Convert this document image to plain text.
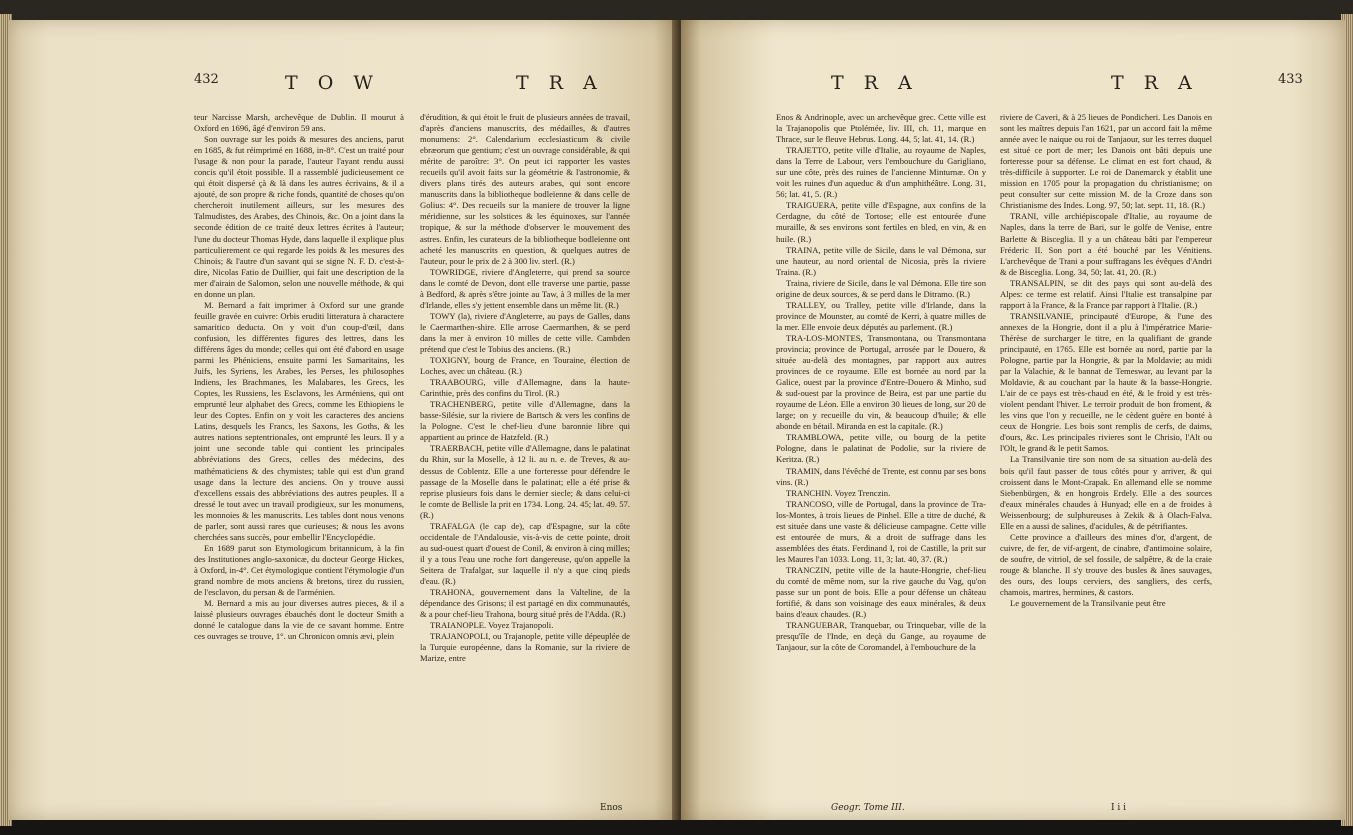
432	T O W	T R A

teur Narcisse Marsh, archevêque de Dublin. Il mourut à Oxford en 1696, âgé d'environ 59 ans.

Son ouvrage sur les poids & mesures des anciens, parut en 1685, & fut réimprimé en 1688, in-8°. C'est un traité pour l'usage & non pour la parade, l'auteur l'ayant rendu aussi concis qu'il étoit possible. Il a rassemblé judicieusement ce qui étoit dispersé çà & là dans les autres écrivains, & il a ajouté, de son propre & riche fonds, quantité de choses qu'on chercheroit inutilement ailleurs, sur les mesures des Talmudistes, des Arabes, des Chinois, &c. On a joint dans la seconde édition de ce traité deux lettres écrites à l'auteur; l'une du docteur Thomas Hyde, dans laquelle il explique plus particulierement ce qui regarde les poids & les mesures des Chinois; & l'autre d'un savant qui se signe N. F. D. c'est-à-dire, Nicolas Fatio de Duillier, qui fait une description de la mer d'airain de Salomon, selon une nouvelle méthode, & qui en donne un plan.

M. Bernard a fait imprimer à Oxford sur une grande feuille gravée en cuivre: Orbis eruditi litteratura à charactere samaritico deducta. On y voit d'un coup-d'œil, dans confusion, les différentes figures des lettres, dans les différens âges du monde; celles qui ont été d'abord en usage parmi les Phéniciens, ensuite parmi les Samaritains, les Juifs, les Syriens, les Arabes, les Perses, les philosophes Indiens, les Brachmanes, les Malabares, les Grecs, les Coptes, les Russiens, les Esclavons, les Arméniens, qui ont emprunté leur alphabet des Grecs, comme les Ethiopiens le leur des Coptes. Enfin on y voit les caracteres des anciens Latins, desquels les Francs, les Saxons, les Goths, & les autres nations septentrionales, ont emprunté les leurs. Il y a joint une seconde table qui contient les principales abbréviations des Grecs, celles des médecins, des mathématiciens & des chymistes; table qui est d'un grand usage dans la lecture des anciens. On y trouve aussi d'excellens essais des abbréviations des autres peuples. Il a dressé le tout avec un travail prodigieux, sur les monumens, les monnoies & les manuscrits. Les tables dont nous venons de parler, sont aussi rares que curieuses; & nous les avons cherchées sans succès, pour embellir l'Encyclopédie.

En 1689 parut son Etymologicum britannicum, à la fin des Institutiones anglo-saxonicæ, du docteur George Hickes, à Oxford, in-4°. Cet étymologique contient l'étymologie d'un grand nombre de mots anciens & bretons, tirez du russien, de l'esclavon, du persan & de l'arménien.

M. Bernard a mis au jour diverses autres pieces, & il a laissé plusieurs ouvrages ébauchés dont le docteur Smith a donné le catalogue dans la vie de ce savant homme. Entre ces ouvrages se trouve, 1°. un Chronicon omnis ævi, plein

d'érudition, & qui étoit le fruit de plusieurs années de travail, d'après d'anciens manuscrits, des médailles, & d'autres monumens: 2°. Calendarium ecclesiasticum & civile ebræorum que gentium; c'est un ouvrage considérable, & qui mérite de paroître: 3°. On peut ici rapporter les vastes recueils qu'il avoit faits sur la géométrie & l'astronomie, & divers plans tirés des auteurs arabes, qui sont encore manuscrits dans la bibliotheque bodleïenne & dans celle de Golius: 4°. Des recueils sur la maniere de trouver la ligne méridienne, sur les solstices & les équinoxes, sur l'année tropique, & sur la méthode d'observer le mouvement des astres. Enfin, les curateurs de la bibliotheque bodleïenne ont acheté les manuscrits en question, & quelques autres de l'auteur, pour le prix de 2 à 300 liv. sterl. (R.)

TOWRIDGE, riviere d'Angleterre, qui prend sa source dans le comté de Devon, dont elle traverse une partie, passe à Bedford, & après s'être jointe au Taw, à 3 milles de la mer d'Irlande, elles s'y jettent ensemble dans un même lit. (R.)

TOWY (la), riviere d'Angleterre, au pays de Galles, dans le Caermarthen-shire. Elle arrose Caermarthen, & se perd dans la mer à environ 10 milles de cette ville. Cambden prétend que c'est le Tobius des anciens. (R.)

TOXIGNY, bourg de France, en Touraine, élection de Loches, avec un château. (R.)

TRAABOURG, ville d'Allemagne, dans la haute-Carinthie, près des confins du Tirol. (R.)

TRACHENBERG, petite ville d'Allemagne, dans la basse-Silésie, sur la riviere de Bartsch & vers les confins de la Pologne. C'est le chef-lieu d'une baronnie libre qui appartient au prince de Hatzfeld. (R.)

TRAERBACH, petite ville d'Allemagne, dans le palatinat du Rhin, sur la Moselle, à 12 li. au n. e. de Treves, & au-dessus de Coblentz. Elle a une forteresse pour défendre le passage de la Moselle dans le palatinat; elle a été prise & reprise plusieurs fois dans le dernier siecle; & dans celui-ci le comte de Bellisle la prit en 1734. Long. 24. 45; lat. 49. 57. (R.)

TRAFALGA (le cap de), cap d'Espagne, sur la côte occidentale de l'Andalousie, vis-à-vis de cette pointe, droit au sud-ouest quart d'ouest de Conil, & environ à cinq milles; il y a tous l'eau une roche fort dangereuse, qu'on appelle la Seitera de Trafalgar, sur laquelle il n'y a que cinq pieds d'eau. (R.)

TRAHONA, gouvernement dans la Valteline, de la dépendance des Grisons; il est partagé en dix communautés, & a pour chef-lieu Trahona, bourg situé près de l'Adda. (R.)

TRAIANOPLE. Voyez Trajanopoli.

TRAJANOPOLI, ou Trajanople, petite ville dépeuplée de la Turquie européenne, dans la Romanie, sur la riviere de Marize, entre

Enos
T R A	T R A	433

Enos & Andrinople, avec un archevêque grec. Cette ville est la Trajanopolis que Ptolémée, liv. III, ch. 11, marque en Thrace, sur le fleuve Hebrus. Long. 44, 5; lat. 41, 14. (R.)

TRAJETTO, petite ville d'Italie, au royaume de Naples, dans la Terre de Labour, vers l'embouchure du Garigliano, sur une côte, près des ruines de l'ancienne Minturnæ. On y voit les ruines d'un aqueduc & d'un amphithéâtre. Long. 31, 56; lat. 41, 5. (R.)

TRAIGUERA, petite ville d'Espagne, aux confins de la Cerdagne, du côté de Tortose; elle est entourée d'une muraille, & ses environs sont fertiles en bled, en vin, & en huile. (R.)

TRAINA, petite ville de Sicile, dans le val Démona, sur une hauteur, au nord oriental de Nicosia, près la riviere Traina. (R.)

Traina, riviere de Sicile, dans le val Démona. Elle tire son origine de deux sources, & se perd dans le Ditramo. (R.)

TRALLEY, ou Tralley, petite ville d'Irlande, dans la province de Mounster, au comté de Kerri, à quatre milles de la mer. Elle envoie deux députés au parlement. (R.)

TRA-LOS-MONTES, Transmontana, ou Transmontana provincia; province de Portugal, arrosée par le Douero, & située au-delà des montagnes, par rapport aux autres provinces de ce royaume. Elle est bornée au nord par la Galice, ouest par la province d'Entre-Douero & Minho, sud & sud-ouest par la province de Beira, est par une partie du royaume de Léon. Elle a environ 30 lieues de long, sur 20 de large; on y recueille du vin, & beaucoup d'huile; & elle abonde en bétail. Miranda en est la capitale. (R.)

TRAMBLOWA, petite ville, ou bourg de la petite Pologne, dans le palatinat de Podolie, sur la riviere de Keritza. (R.)

TRAMIN, dans l'évêché de Trente, est connu par ses bons vins. (R.)

TRANCHIN. Voyez Trenczin.

TRANCOSO, ville de Portugal, dans la province de Tra-los-Montes, à trois lieues de Pinhel. Elle a titre de duché, & est située dans une vaste & délicieuse campagne. Cette ville est entourée de murs, & a droit de suffrage dans les assemblées des états. Ferdinand I, roi de Castille, la prit sur les Maures l'an 1033. Long. 11, 3; lat. 40, 37. (R.)

TRANCZIN, petite ville de la haute-Hongrie, chef-lieu du comté de même nom, sur la rive gauche du Vag, qu'on passe sur un pont de bois. Elle a pour défense un château fortifié, & dans son voisinage des eaux minérales, & deux bains d'eaux chaudes. (R.)

TRANGUEBAR, Tranquebar, ou Trinquebar, ville de la presqu'île de l'Inde, en deçà du Gange, au royaume de Tanjaour, sur la côte de Coromandel, à l'embouchure de la

riviere de Caveri, & à 25 lieues de Pondicheri. Les Danois en sont les maîtres depuis l'an 1621, par un accord fait la même année avec le naique ou roi de Tanjaour, sur les terres duquel est situé ce port de mer; les Danois ont bâti depuis une forteresse pour sa défense. Le climat en est fort chaud, & très-difficile à supporter. Le roi de Danemarck y établit une mission en 1705 pour la propagation du christianisme; on peut consulter sur cette mission M. de la Croze dans son Christianisme des Indes. Long. 97, 50; lat. sept. 11, 18. (R.)

TRANI, ville archiépiscopale d'Italie, au royaume de Naples, dans la terre de Bari, sur le golfe de Venise, entre Barlette & Bisceglia. Il y a un château bâti par l'empereur Fréderic II. Son port a été bouché par les Vénitiens. L'archevêque de Trani a pour suffragans les évêques d'Andri & de Bisceglia. Long. 34, 50; lat. 41, 20. (R.)

TRANSALPIN, se dit des pays qui sont au-delà des Alpes: ce terme est relatif. Ainsi l'Italie est transalpine par rapport à la France, & la France par rapport à l'Italie. (R.)

TRANSILVANIE, principauté d'Europe, & l'une des annexes de la Hongrie, dont il a plu à l'impératrice Marie-Thérèse de surcharger le titre, en la qualifiant de grande principauté, en 1765. Elle est bornée au nord, partie par la Pologne, partie par la Hongrie, & par la Moldavie; au midi par la Valachie, & le bannat de Temeswar, au levant par la Moldavie, & au couchant par la haute & la basse-Hongrie. L'air de ce pays est très-chaud en été, & le froid y est très-violent pendant l'hiver. Le terroir produit de bon froment, & les vins que l'on y recueille, ne le cèdent guère en bonté à ceux de Hongrie. Les bois sont remplis de cerfs, de daims, d'ours, &c. Les principales rivieres sont le Chrisio, l'Alt ou l'Olt, le grand & le petit Samos.

La Transilvanie tire son nom de sa situation au-delà des bois qu'il faut passer de tous côtés pour y arriver, & qui croissent dans le Mont-Crapak. En allemand elle se nomme Siebenbürgen, & en hongrois Erdely. Elle a des sources d'eaux minérales chaudes à Hunyad; elle en a de froides à Weissenbourg; de sulphureuses à Zekik & à Olach-Falva. Elle en a aussi de salines, d'acidules, & de pétrifiantes.

Cette province a d'ailleurs des mines d'or, d'argent, de cuivre, de fer, de vif-argent, de cinabre, d'antimoine solaire, de soufre, de vitriol, de sel fossile, de salpêtre, & de la craie rouge & blanche. Il s'y trouve des busles & ânes sauvages, des ours, des loups cerviers, des sangliers, des cerfs, chamois, martres, hermines, & castors.

Le gouvernement de la Transilvanie peut être

Geogr. Tome III.	I i i
